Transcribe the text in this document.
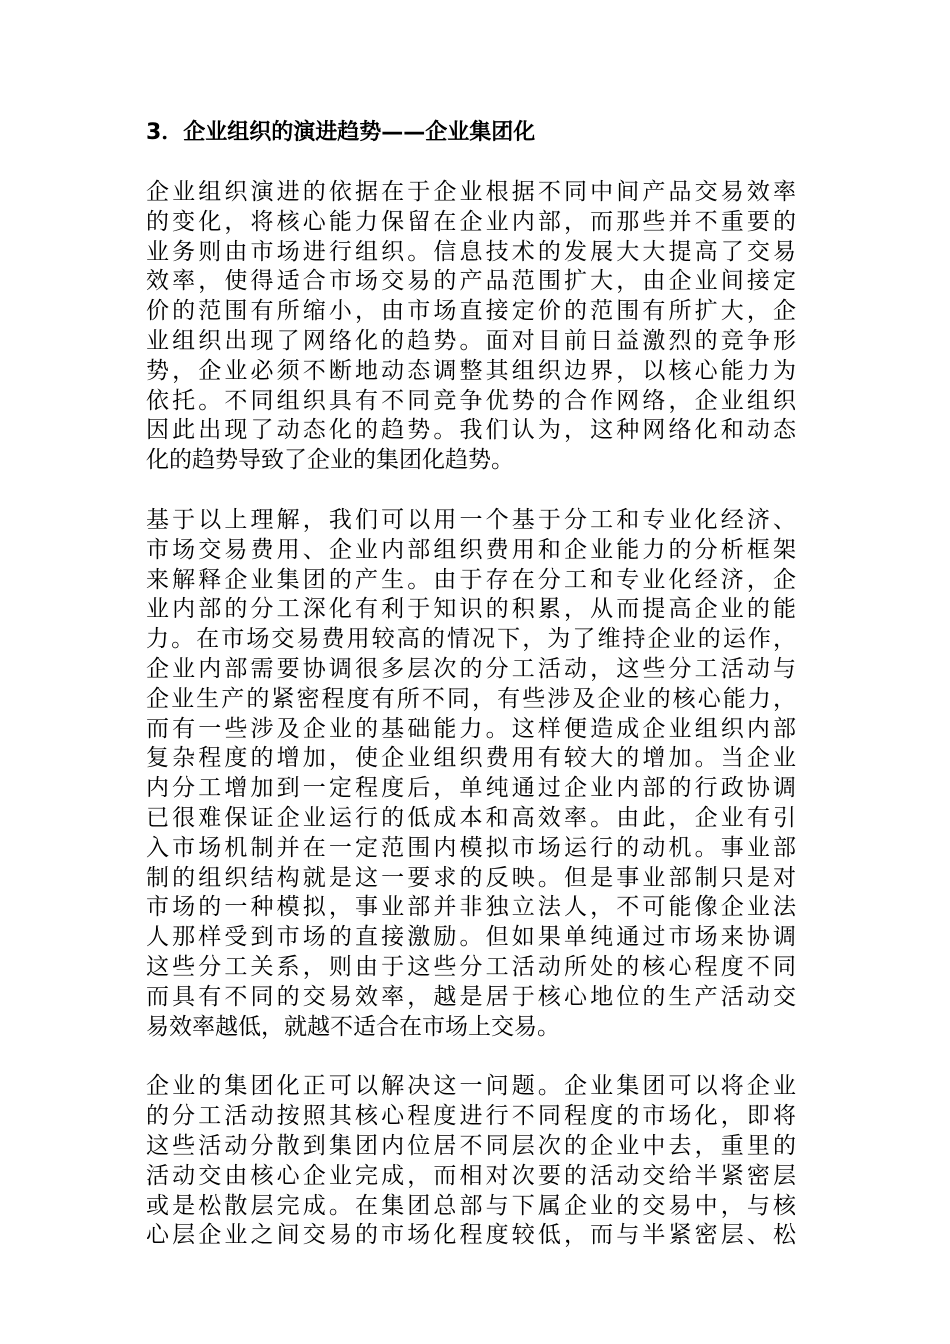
3．企业组织的演进趋势——企业集团化

企业组织演进的依据在于企业根据不同中间产品交易效率
的变化，将核心能力保留在企业内部，而那些并不重要的
业务则由市场进行组织。信息技术的发展大大提高了交易
效率，使得适合市场交易的产品范围扩大，由企业间接定
价的范围有所缩小，由市场直接定价的范围有所扩大，企
业组织出现了网络化的趋势。面对目前日益激烈的竞争形
势，企业必须不断地动态调整其组织边界，以核心能力为
依托。不同组织具有不同竞争优势的合作网络，企业组织
因此出现了动态化的趋势。我们认为，这种网络化和动态
化的趋势导致了企业的集团化趋势。

基于以上理解，我们可以用一个基于分工和专业化经济、
市场交易费用、企业内部组织费用和企业能力的分析框架
来解释企业集团的产生。由于存在分工和专业化经济，企
业内部的分工深化有利于知识的积累，从而提高企业的能
力。在市场交易费用较高的情况下，为了维持企业的运作，
企业内部需要协调很多层次的分工活动，这些分工活动与
企业生产的紧密程度有所不同，有些涉及企业的核心能力，
而有一些涉及企业的基础能力。这样便造成企业组织内部
复杂程度的增加，使企业组织费用有较大的增加。当企业
内分工增加到一定程度后，单纯通过企业内部的行政协调
已很难保证企业运行的低成本和高效率。由此，企业有引
入市场机制并在一定范围内模拟市场运行的动机。事业部
制的组织结构就是这一要求的反映。但是事业部制只是对
市场的一种模拟，事业部并非独立法人，不可能像企业法
人那样受到市场的直接激励。但如果单纯通过市场来协调
这些分工关系，则由于这些分工活动所处的核心程度不同
而具有不同的交易效率，越是居于核心地位的生产活动交
易效率越低，就越不适合在市场上交易。

企业的集团化正可以解决这一问题。企业集团可以将企业
的分工活动按照其核心程度进行不同程度的市场化，即将
这些活动分散到集团内位居不同层次的企业中去，重里的
活动交由核心企业完成，而相对次要的活动交给半紧密层
或是松散层完成。在集团总部与下属企业的交易中，与核
心层企业之间交易的市场化程度较低，而与半紧密层、松
